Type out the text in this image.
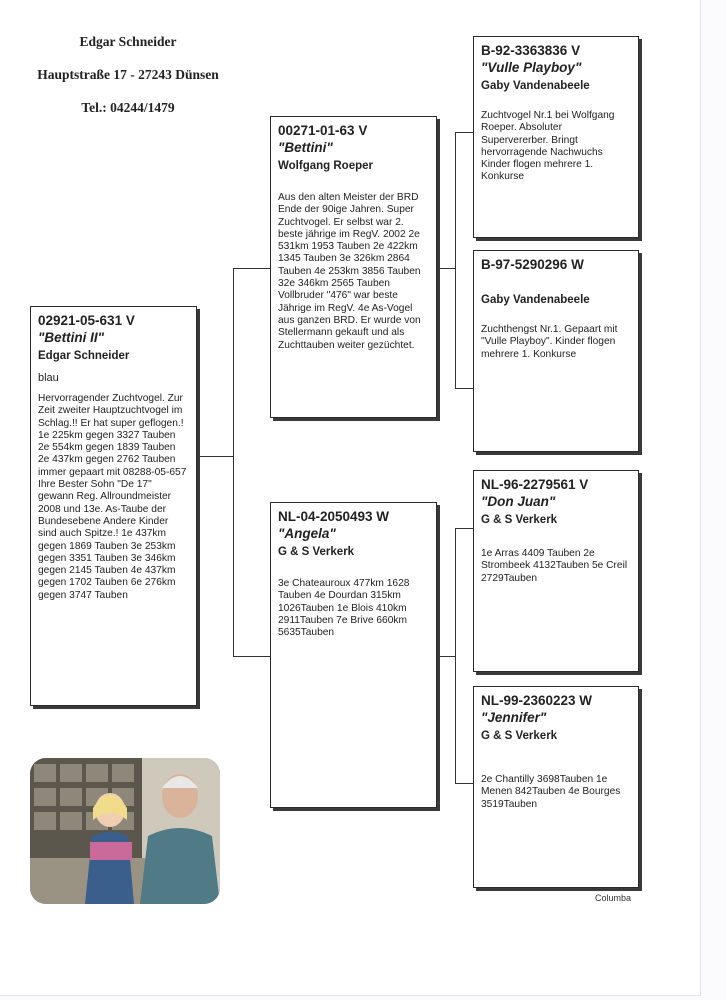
Edgar Schneider
Hauptstraße 17 - 27243 Dünsen
Tel.: 04244/1479
02921-05-631 V
"Bettini II"
Edgar Schneider
blau
Hervorragender Zuchtvogel. Zur Zeit zweiter Hauptzuchtvogel im Schlag.!! Er hat super geflogen.! 1e 225km gegen 3327 Tauben 2e 554km gegen 1839 Tauben 2e 437km gegen 2762 Tauben immer gepaart mit 08288-05-657 Ihre Bester Sohn "De 17" gewann Reg. Allroundmeister 2008 und 13e. As-Taube der Bundesebene Andere Kinder sind auch Spitze.! 1e 437km gegen 1869 Tauben 3e 253km gegen 3351 Tauben 3e 346km gegen 2145 Tauben 4e 437km gegen 1702 Tauben 6e 276km gegen 3747 Tauben
00271-01-63 V
"Bettini"
Wolfgang Roeper
Aus den alten Meister der BRD Ende der 90ige Jahren. Super Zuchtvogel. Er selbst war 2. beste jährige im RegV. 2002 2e 531km 1953 Tauben 2e 422km 1345 Tauben 3e 326km 2864 Tauben 4e 253km 3856 Tauben 32e 346km 2565 Tauben Vollbruder "476" war beste Jährige im RegV. 4e As-Vogel aus ganzen BRD. Er wurde von Stellermann gekauft und als Zuchttauben weiter gezüchtet.
NL-04-2050493 W
"Angela"
G & S Verkerk
3e Chateauroux 477km 1628 Tauben 4e Dourdan 315km 1026Tauben 1e Blois 410km 2911Tauben 7e Brive 660km 5635Tauben
B-92-3363836 V
"Vulle Playboy"
Gaby Vandenabeele
Zuchtvogel Nr.1 bei Wolfgang Roeper. Absoluter Supervererber. Bringt hervorragende Nachwuchs Kinder flogen mehrere 1. Konkurse
B-97-5290296 W
Gaby Vandenabeele
Zuchthengst Nr.1. Gepaart mit "Vulle Playboy". Kinder flogen mehrere 1. Konkurse
NL-96-2279561 V
"Don Juan"
G & S Verkerk
1e Arras 4409 Tauben 2e Strombeek 4132Tauben 5e Creil 2729Tauben
NL-99-2360223 W
"Jennifer"
G & S Verkerk
2e Chantilly 3698Tauben 1e Menen 842Tauben 4e Bourges 3519Tauben
Columba
